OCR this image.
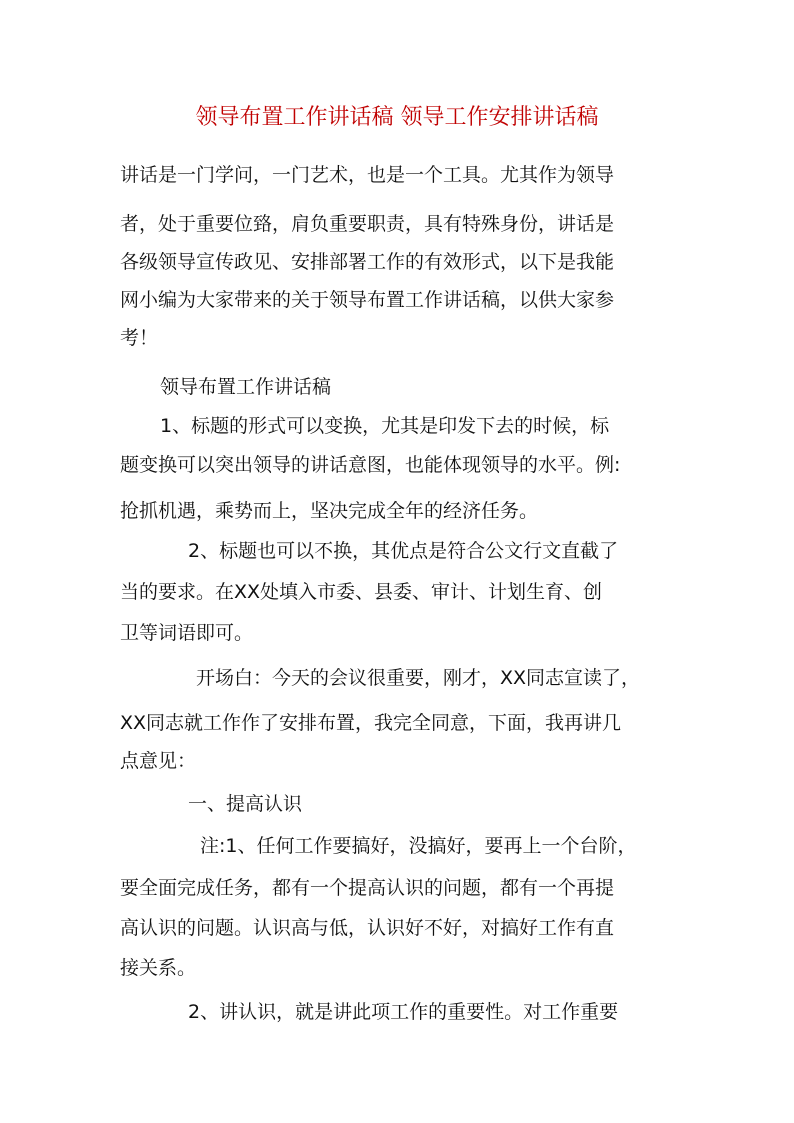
领导布置工作讲话稿 领导工作安排讲话稿
讲话是一门学问，一门艺术，也是一个工具。尤其作为领导
者，处于重要位臵，肩负重要职责，具有特殊身份，讲话是
各级领导宣传政见、安排部署工作的有效形式，以下是我能
网小编为大家带来的关于领导布置工作讲话稿，以供大家参
考！
领导布置工作讲话稿
1、标题的形式可以变换，尤其是印发下去的时候，标
题变换可以突出领导的讲话意图，也能体现领导的水平。例:
抢抓机遇，乘势而上，坚决完成全年的经济任务。
2、标题也可以不换，其优点是符合公文行文直截了
当的要求。在XX处填入市委、县委、审计、计划生育、创
卫等词语即可。
开场白：今天的会议很重要，刚才，XX同志宣读了，
XX同志就工作作了安排布置，我完全同意，下面，我再讲几
点意见：
一、提高认识
注:1、任何工作要搞好，没搞好，要再上一个台阶，
要全面完成任务，都有一个提高认识的问题，都有一个再提
高认识的问题。认识高与低，认识好不好，对搞好工作有直
接关系。
2、讲认识，就是讲此项工作的重要性。对工作重要
